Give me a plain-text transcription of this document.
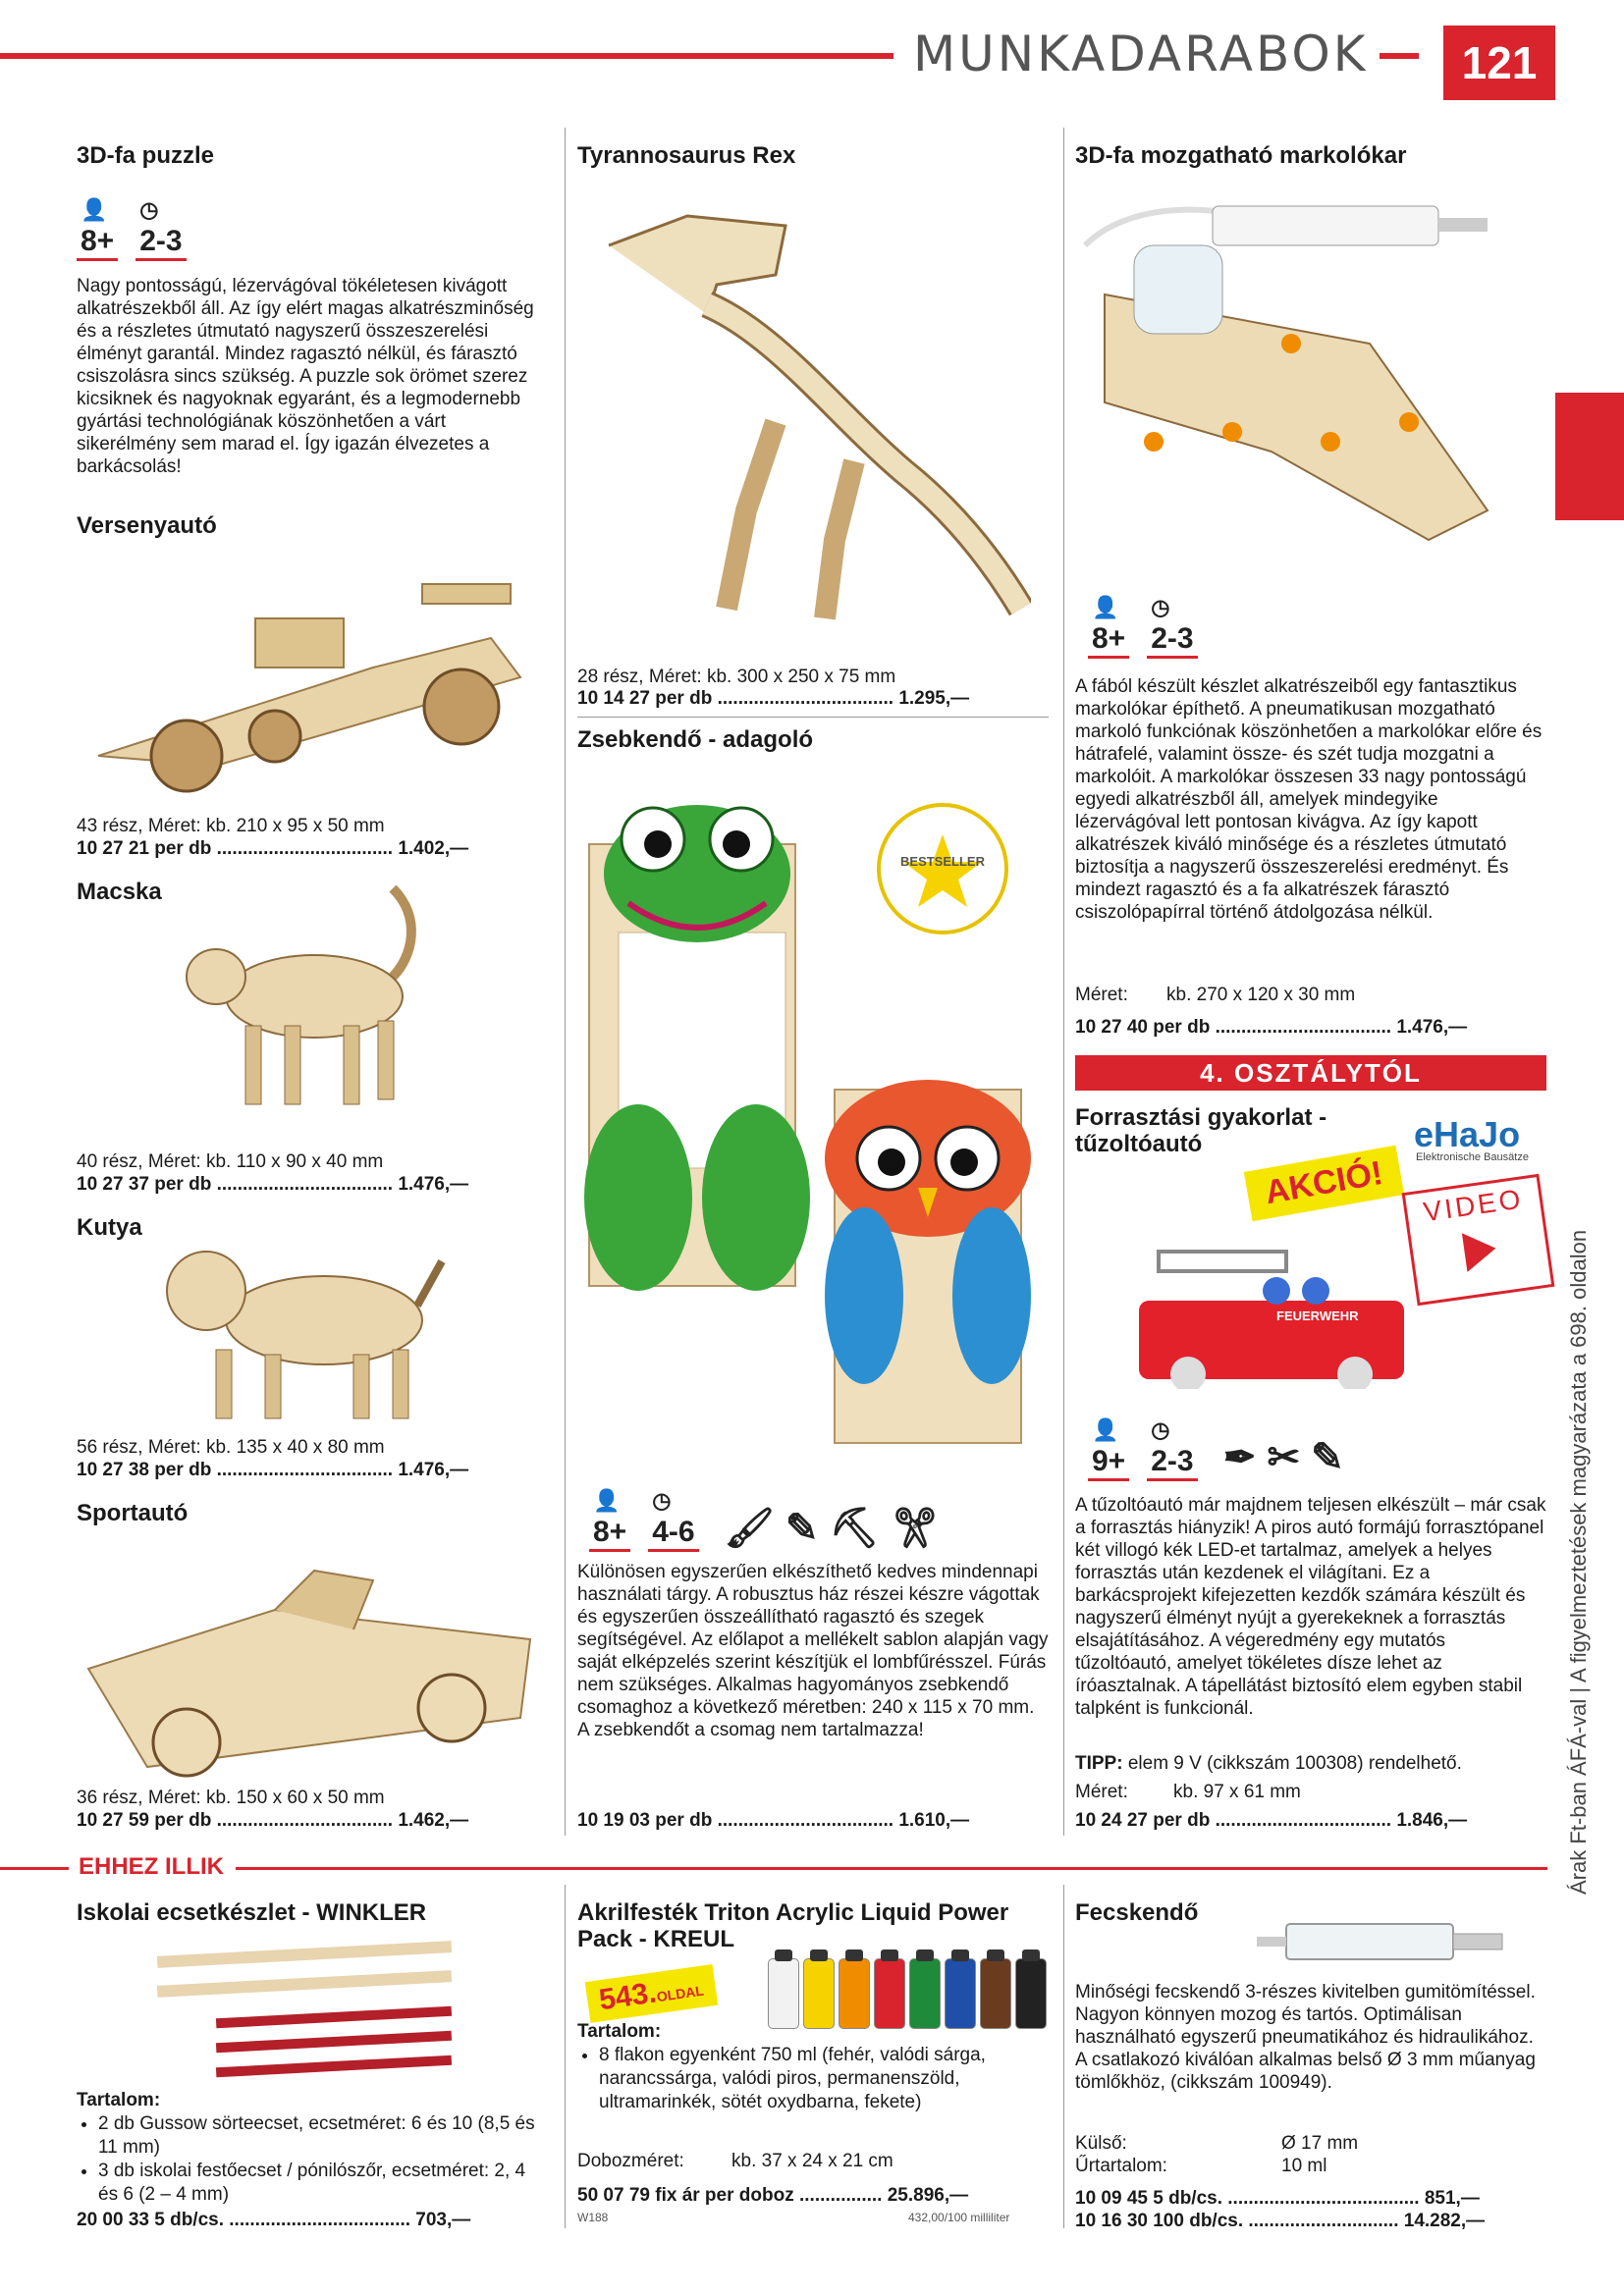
MUNKADARABOK	121
Árak Ft-ban ÁFÁ-val | A figyelmeztetések magyarázata a 698. oldalon
3D-fa puzzle
👤
8+◷
2-3
Nagy pontosságú, lézervágóval tökéletesen kivágott alkatrészekből áll. Az így elért magas alkatrészminőség és a részletes útmutató nagyszerű összeszerelési élményt garantál. Mindez ragasztó nélkül, és fárasztó csiszolásra sincs szükség. A puzzle sok örömet szerez kicsiknek és nagyoknak egyaránt, és a legmodernebb gyártási technológiának köszönhetően a várt sikerélmény sem marad el. Így igazán élvezetes a barkácsolás!
Versenyautó
43 rész, Méret: kb. 210 x 95 x 50 mm
10 27 21 per db .................................. 1.402,—
Macska
40 rész, Méret: kb. 110 x 90 x 40 mm
10 27 37 per db .................................. 1.476,—
Kutya
56 rész, Méret: kb. 135 x 40 x 80 mm
10 27 38 per db .................................. 1.476,—
Sportautó
36 rész, Méret: kb. 150 x 60 x 50 mm
10 27 59 per db .................................. 1.462,—
Tyrannosaurus Rex
28 rész, Méret: kb. 300 x 250 x 75 mm
10 14 27 per db .................................. 1.295,—
Zsebkendő - adagoló
BESTSELLER
👤
8+◷
4-6 🖌 ✎ ⛏ ✂
Különösen egyszerűen elkészíthető kedves mindennapi használati tárgy. A robusztus ház részei készre vágottak és egyszerűen összeállítható ragasztó és szegek segítségével. Az előlapot a mellékelt sablon alapján vagy saját elképzelés szerint készítjük el lombfűrésszel. Fúrás nem szükséges. Alkalmas hagyományos zsebkendő csomaghoz a következő méretben: 240 x 115 x 70 mm. A zsebkendőt a csomag nem tartalmazza!
10 19 03 per db .................................. 1.610,—
3D-fa mozgatható markolókar
👤
8+◷
2-3
A fából készült készlet alkatrészeiből egy fantasztikus markolókar építhető. A pneumatikusan mozgatható markoló funkciónak köszönhetően a markolókar előre és hátrafelé, valamint össze- és szét tudja mozgatni a markolóit. A markolókar összesen 33 nagy pontosságú egyedi alkatrészből áll, amelyek mindegyike lézervágóval lett pontosan kivágva. Az így kapott alkatrészek kiváló minősége és a részletes útmutató biztosítja a nagyszerű összeszerelési eredményt. És mindezt ragasztó és a fa alkatrészek fárasztó csiszolópapírral történő átdolgozása nélkül.
Méret: kb. 270 x 120 x 30 mm
10 27 40 per db .................................. 1.476,—
4. OSZTÁLYTÓL
Forrasztási gyakorlat -
tűzoltóautó	eHaJo
Elektronische Bausätze
AKCIÓ!	VIDEO
FEUERWEHR
👤
9+◷
2-3 ✒ ✂ ✎
A tűzoltóautó már majdnem teljesen elkészült – már csak a forrasztás hiányzik! A piros autó formájú forrasztópanel két villogó kék LED-et tartalmaz, amelyek a helyes forrasztás után kezdenek el világítani. Ez a barkácsprojekt kifejezetten kezdők számára készült és nagyszerű élményt nyújt a gyerekeknek a forrasztás elsajátításához. A végeredmény egy mutatós tűzoltóautó, amelyet tökéletes dísze lehet az íróasztalnak. A tápellátást biztosító elem egyben stabil talpként is funkcionál.
TIPP: elem 9 V (cikkszám 100308) rendelhető.
Méret: kb. 97 x 61 mm
10 24 27 per db .................................. 1.846,—
EHHEZ ILLIK
Iskolai ecsetkészlet - WINKLER
Tartalom:
• 2 db Gussow sörteecset, ecsetméret: 6 és 10 (8,5 és 11 mm)
• 3 db iskolai festőecset / pónilószőr, ecsetméret: 2, 4 és 6 (2 – 4 mm)
20 00 33 5 db/cs. ................................... 703,—
Akrilfesték Triton Acrylic Liquid Power
Pack - KREUL
543.OLDAL
Tartalom:
• 8 flakon egyenként 750 ml (fehér, valódi sárga, narancssárga, valódi piros, permanenszöld, ultramarinkék, sötét oxydbarna, fekete)
Dobozméret:	kb. 37 x 24 x 21 cm
50 07 79 fix ár per doboz ................ 25.896,—
W188	432,00/100 milliliter
Fecskendő
Minőségi fecskendő 3-részes kivitelben gumitömítéssel. Nagyon könnyen mozog és tartós. Optimálisan használható egyszerű pneumatikához és hidraulikához. A csatlakozó kiválóan alkalmas belső Ø 3 mm műanyag tömlőkhöz, (cikkszám 100949).
Külső:	Ø 17 mm
Űrtartalom:	10 ml
10 09 45 5 db/cs. ..................................... 851,—
10 16 30 100 db/cs. ............................. 14.282,—
